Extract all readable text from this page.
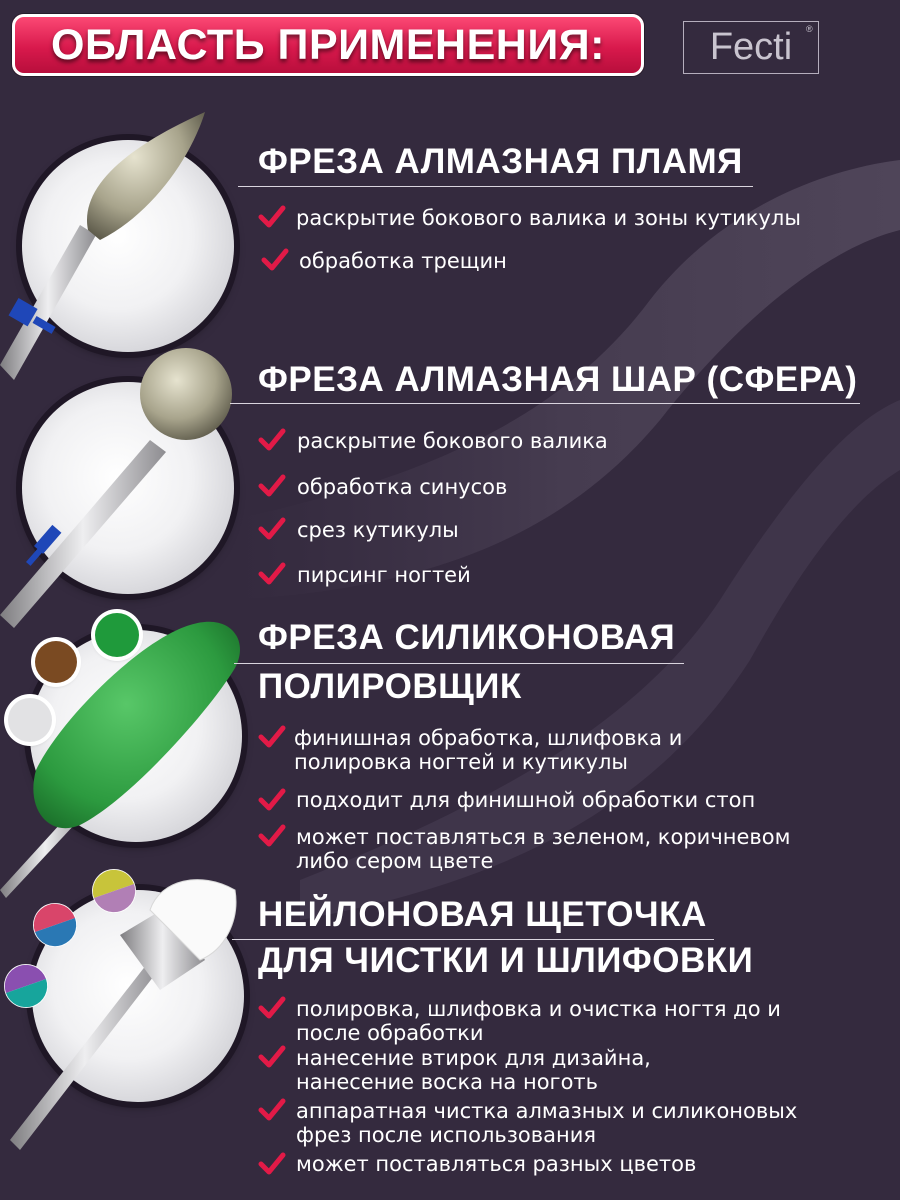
ОБЛАСТЬ ПРИМЕНЕНИЯ:	Fecti	®
ФРЕЗА АЛМАЗНАЯ ПЛАМЯ
раскрытие бокового валика и зоны кутикулы
обработка трещин
ФРЕЗА АЛМАЗНАЯ ШАР (СФЕРА)
раскрытие бокового валика
обработка синусов
срез кутикулы
пирсинг ногтей
ФРЕЗА СИЛИКОНОВАЯ
ПОЛИРОВЩИК
финишная обработка, шлифовка и
полировка ногтей и кутикулы
подходит для финишной обработки стоп
может поставляться в зеленом, коричневом
либо сером цвете
НЕЙЛОНОВАЯ ЩЕТОЧКА
ДЛЯ ЧИСТКИ И ШЛИФОВКИ
полировка, шлифовка и очистка ногтя до и
после обработки
нанесение втирок для дизайна,
нанесение воска на ноготь
аппаратная чистка алмазных и силиконовых
фрез после использования
может поставляться разных цветов
